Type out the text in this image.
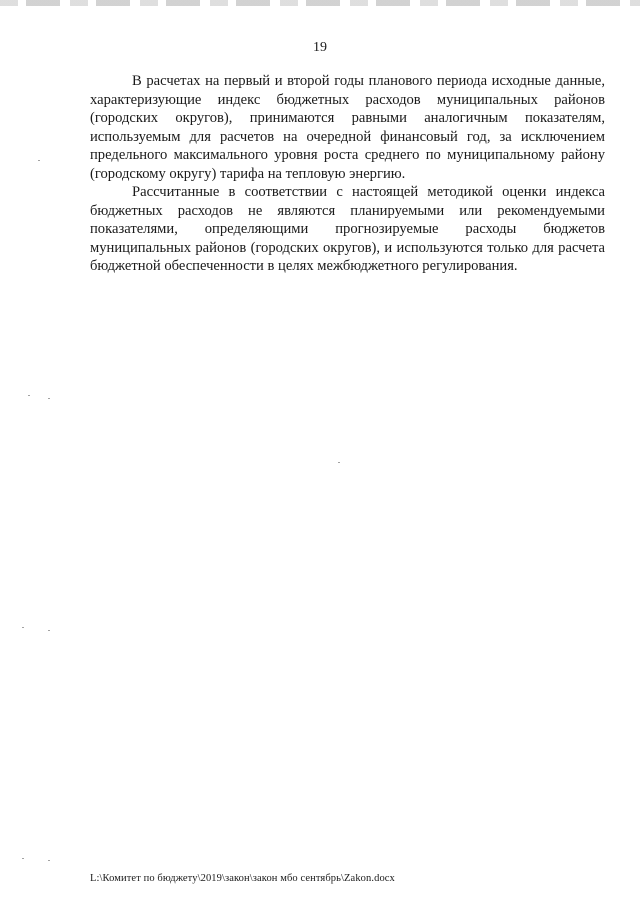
19

В расчетах на первый и второй годы планового периода исходные данные, характеризующие индекс бюджетных расходов муниципальных районов (городских округов), принимаются равными аналогичным показателям, используемым для расчетов на очередной финансовый год, за исключением предельного максимального уровня роста среднего по муниципальному району (городскому округу) тарифа на тепловую энергию.

Рассчитанные в соответствии с настоящей методикой оценки индекса бюджетных расходов не являются планируемыми или рекомендуемыми показателями, определяющими прогнозируемые расходы бюджетов муниципальных районов (городских округов), и используются только для расчета бюджетной обеспеченности в целях межбюджетного регулирования.

L:\Комитет по бюджету\2019\закон\закон мбо сентябрь\Zakon.docx
